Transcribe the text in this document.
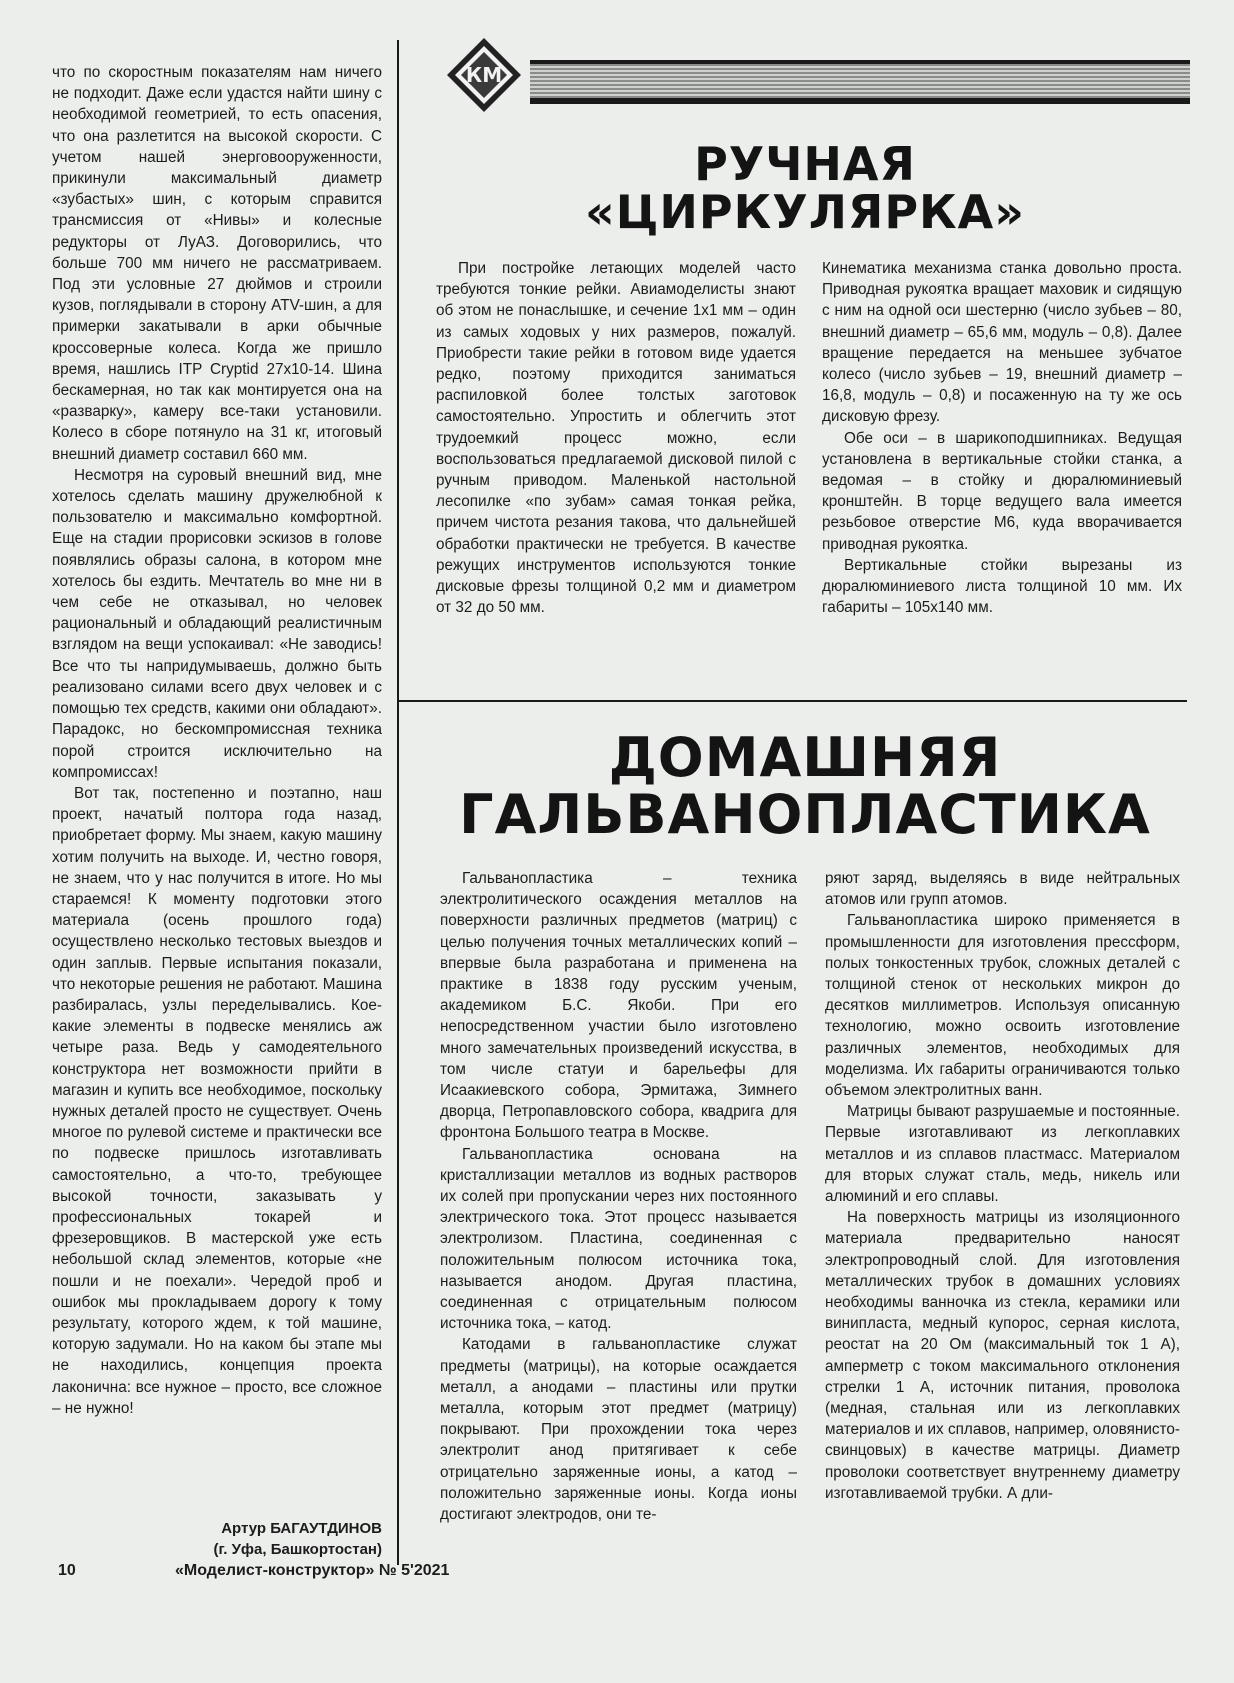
что по скоростным показателям нам ничего не подходит. Даже если удастся найти шину с необходимой геометрией, то есть опасения, что она разлетится на высокой скорости. С учетом нашей энерговооруженности, прикинули максимальный диаметр «зубастых» шин, с которым справится трансмиссия от «Нивы» и колесные редукторы от ЛуАЗ. Договорились, что больше 700 мм ничего не рассматриваем. Под эти условные 27 дюймов и строили кузов, поглядывали в сторону ATV-шин, а для примерки закатывали в арки обычные кроссоверные колеса. Когда же пришло время, нашлись ITP Cryptid 27x10-14. Шина бескамерная, но так как монтируется она на «разварку», камеру все-таки установили. Колесо в сборе потянуло на 31 кг, итоговый внешний диаметр составил 660 мм.

Несмотря на суровый внешний вид, мне хотелось сделать машину дружелюбной к пользователю и максимально комфортной. Еще на стадии прорисовки эскизов в голове появлялись образы салона, в котором мне хотелось бы ездить. Мечтатель во мне ни в чем себе не отказывал, но человек рациональный и обладающий реалистичным взглядом на вещи успокаивал: «Не заводись! Все что ты напридумываешь, должно быть реализовано силами всего двух человек и с помощью тех средств, какими они обладают». Парадокс, но бескомпромиссная техника порой строится исключительно на компромиссах!

Вот так, постепенно и поэтапно, наш проект, начатый полтора года назад, приобретает форму. Мы знаем, какую машину хотим получить на выходе. И, честно говоря, не знаем, что у нас получится в итоге. Но мы стараемся! К моменту подготовки этого материала (осень прошлого года) осуществлено несколько тестовых выездов и один заплыв. Первые испытания показали, что некоторые решения не работают. Машина разбиралась, узлы переделывались. Кое-какие элементы в подвеске менялись аж четыре раза. Ведь у самодеятельного конструктора нет возможности прийти в магазин и купить все необходимое, поскольку нужных деталей просто не существует. Очень многое по рулевой системе и практически все по подвеске пришлось изготавливать самостоятельно, а что-то, требующее высокой точности, заказывать у профессиональных токарей и фрезеровщиков. В мастерской уже есть небольшой склад элементов, которые «не пошли и не поехали». Чередой проб и ошибок мы прокладываем дорогу к тому результату, которого ждем, к той машине, которую задумали. Но на каком бы этапе мы не находились, концепция проекта лаконична: все нужное – просто, все сложное – не нужно!

Артур БАГАУТДИНОВ
(г. Уфа, Башкортостан)
КМ
РУЧНАЯ
«ЦИРКУЛЯРКА»

При постройке летающих моделей часто требуются тонкие рейки. Авиамоделисты знают об этом не понаслышке, и сечение 1х1 мм – один из самых ходовых у них размеров, пожалуй. Приобрести такие рейки в готовом виде удается редко, поэтому приходится заниматься распиловкой более толстых заготовок самостоятельно. Упростить и облегчить этот трудоемкий процесс можно, если воспользоваться предлагаемой дисковой пилой с ручным приводом. Маленькой настольной лесопилке «по зубам» самая тонкая рейка, причем чистота резания такова, что дальнейшей обработки практически не требуется. В качестве режущих инструментов используются тонкие дисковые фрезы толщиной 0,2 мм и диаметром от 32 до 50 мм.

Кинематика механизма станка довольно проста. Приводная рукоятка вращает маховик и сидящую с ним на одной оси шестерню (число зубьев – 80, внешний диаметр – 65,6 мм, модуль – 0,8). Далее вращение передается на меньшее зубчатое колесо (число зубьев – 19, внешний диаметр – 16,8, модуль – 0,8) и посаженную на ту же ось дисковую фрезу.

Обе оси – в шарикоподшипниках. Ведущая установлена в вертикальные стойки станка, а ведомая – в стойку и дюралюминиевый кронштейн. В торце ведущего вала имеется резьбовое отверстие М6, куда вворачивается приводная рукоятка.

Вертикальные стойки вырезаны из дюралюминиевого листа толщиной 10 мм. Их габариты – 105х140 мм.

ДОМАШНЯЯ
ГАЛЬВАНОПЛАСТИКА

Гальванопластика – техника электролитического осаждения металлов на поверхности различных предметов (матриц) с целью получения точных металлических копий – впервые была разработана и применена на практике в 1838 году русским ученым, академиком Б.С. Якоби. При его непосредственном участии было изготовлено много замечательных произведений искусства, в том числе статуи и барельефы для Исаакиевского собора, Эрмитажа, Зимнего дворца, Петропавловского собора, квадрига для фронтона Большого театра в Москве.

Гальванопластика основана на кристаллизации металлов из водных растворов их солей при пропускании через них постоянного электрического тока. Этот процесс называется электролизом. Пластина, соединенная с положительным полюсом источника тока, называется анодом. Другая пластина, соединенная с отрицательным полюсом источника тока, – катод.

Катодами в гальванопластике служат предметы (матрицы), на которые осаждается металл, а анодами – пластины или прутки металла, которым этот предмет (матрицу) покрывают. При прохождении тока через электролит анод притягивает к себе отрицательно заряженные ионы, а катод – положительно заряженные ионы. Когда ионы достигают электродов, они те-

ряют заряд, выделяясь в виде нейтральных атомов или групп атомов.

Гальванопластика широко применяется в промышленности для изготовления прессформ, полых тонкостенных трубок, сложных деталей с толщиной стенок от нескольких микрон до десятков миллиметров. Используя описанную технологию, можно освоить изготовление различных элементов, необходимых для моделизма. Их габариты ограничиваются только объемом электролитных ванн.

Матрицы бывают разрушаемые и постоянные. Первые изготавливают из легкоплавких металлов и из сплавов пластмасс. Материалом для вторых служат сталь, медь, никель или алюминий и его сплавы.

На поверхность матрицы из изоляционного материала предварительно наносят электропроводный слой. Для изготовления металлических трубок в домашних условиях необходимы ванночка из стекла, керамики или винипласта, медный купорос, серная кислота, реостат на 20 Ом (максимальный ток 1 А), амперметр с током максимального отклонения стрелки 1 А, источник питания, проволока (медная, стальная или из легкоплавких материалов и их сплавов, например, оловянисто-свинцовых) в качестве матрицы. Диаметр проволоки соответствует внутреннему диаметру изготавливаемой трубки. А дли-

10	«Моделист-конструктор» № 5'2021
